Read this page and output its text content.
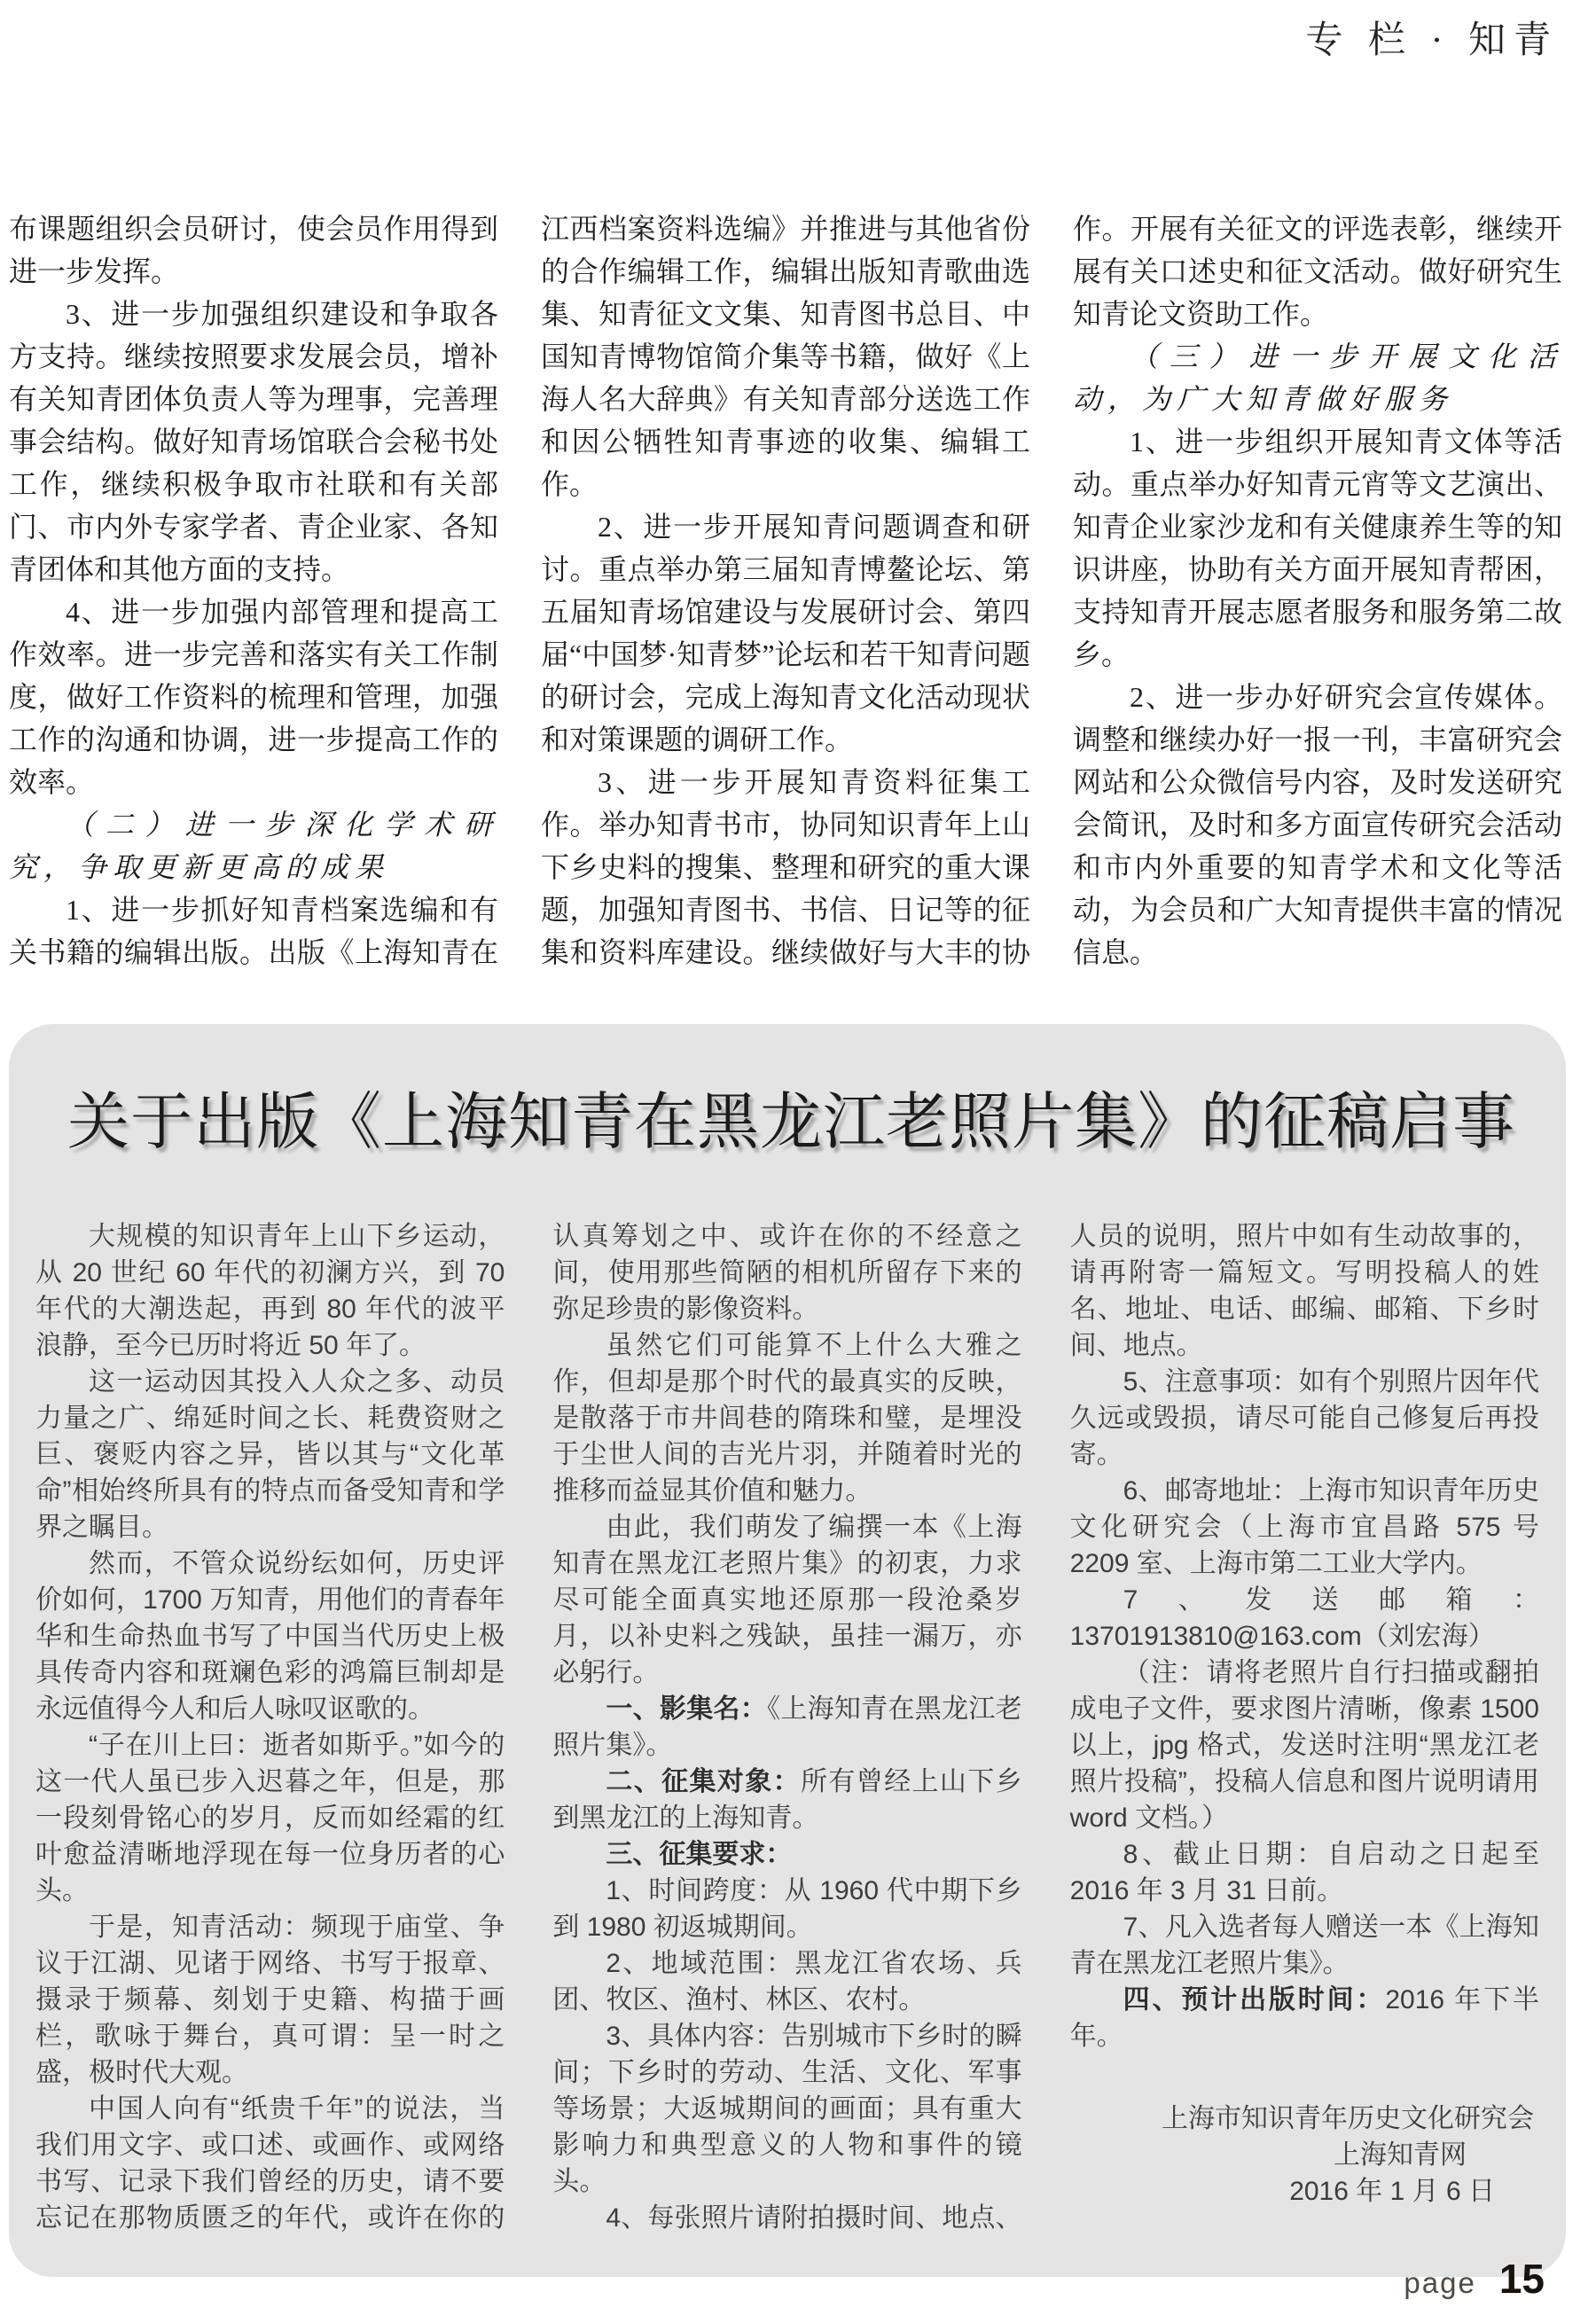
专 栏 · 知青

布课题组织会员研讨，使会员作用得到进一步发挥。

3、进一步加强组织建设和争取各方支持。继续按照要求发展会员，增补有关知青团体负责人等为理事，完善理事会结构。做好知青场馆联合会秘书处工作，继续积极争取市社联和有关部门、市内外专家学者、青企业家、各知青团体和其他方面的支持。

4、进一步加强内部管理和提高工作效率。进一步完善和落实有关工作制度，做好工作资料的梳理和管理，加强工作的沟通和协调，进一步提高工作的效率。

（二）进一步深化学术研究，争取更新更高的成果

1、进一步抓好知青档案选编和有关书籍的编辑出版。出版《上海知青在江西档案资料选编》并推进与其他省份的合作编辑工作，编辑出版知青歌曲选集、知青征文文集、知青图书总目、中国知青博物馆简介集等书籍，做好《上海人名大辞典》有关知青部分送选工作和因公牺牲知青事迹的收集、编辑工作。

2、进一步开展知青问题调查和研讨。重点举办第三届知青博鳌论坛、第五届知青场馆建设与发展研讨会、第四届“中国梦·知青梦”论坛和若干知青问题的研讨会，完成上海知青文化活动现状和对策课题的调研工作。

3、进一步开展知青资料征集工作。举办知青书市，协同知识青年上山下乡史料的搜集、整理和研究的重大课题，加强知青图书、书信、日记等的征集和资料库建设。继续做好与大丰的协作。开展有关征文的评选表彰，继续开展有关口述史和征文活动。做好研究生知青论文资助工作。

（三）进一步开展文化活动，为广大知青做好服务

1、进一步组织开展知青文体等活动。重点举办好知青元宵等文艺演出、知青企业家沙龙和有关健康养生等的知识讲座，协助有关方面开展知青帮困，支持知青开展志愿者服务和服务第二故乡。

2、进一步办好研究会宣传媒体。调整和继续办好一报一刊，丰富研究会网站和公众微信号内容，及时发送研究会简讯，及时和多方面宣传研究会活动和市内外重要的知青学术和文化等活动，为会员和广大知青提供丰富的情况信息。

关于出版《上海知青在黑龙江老照片集》的征稿启事

大规模的知识青年上山下乡运动，从 20 世纪 60 年代的初澜方兴，到 70 年代的大潮迭起，再到 80 年代的波平浪静，至今已历时将近 50 年了。

这一运动因其投入人众之多、动员力量之广、绵延时间之长、耗费资财之巨、褒贬内容之异，皆以其与“文化革命”相始终所具有的特点而备受知青和学界之瞩目。

然而，不管众说纷纭如何，历史评价如何，1700 万知青，用他们的青春年华和生命热血书写了中国当代历史上极具传奇内容和斑斓色彩的鸿篇巨制却是永远值得今人和后人咏叹讴歌的。

“子在川上曰：逝者如斯乎。”如今的这一代人虽已步入迟暮之年，但是，那一段刻骨铭心的岁月，反而如经霜的红叶愈益清晰地浮现在每一位身历者的心头。

于是，知青活动：频现于庙堂、争议于江湖、见诸于网络、书写于报章、摄录于频幕、刻划于史籍、构描于画栏，歌咏于舞台，真可谓：呈一时之盛，极时代大观。

中国人向有“纸贵千年”的说法，当我们用文字、或口述、或画作、或网络书写、记录下我们曾经的历史，请不要忘记在那物质匮乏的年代，或许在你的认真筹划之中、或许在你的不经意之间，使用那些简陋的相机所留存下来的弥足珍贵的影像资料。

虽然它们可能算不上什么大雅之作，但却是那个时代的最真实的反映，是散落于市井闾巷的隋珠和璧，是埋没于尘世人间的吉光片羽，并随着时光的推移而益显其价值和魅力。

由此，我们萌发了编撰一本《上海知青在黑龙江老照片集》的初衷，力求尽可能全面真实地还原那一段沧桑岁月，以补史料之残缺，虽挂一漏万，亦必躬行。

一、影集名：《上海知青在黑龙江老照片集》。

二、征集对象：所有曾经上山下乡到黑龙江的上海知青。

三、征集要求：

1、时间跨度：从 1960 代中期下乡到 1980 初返城期间。

2、地域范围：黑龙江省农场、兵团、牧区、渔村、林区、农村。

3、具体内容：告别城市下乡时的瞬间；下乡时的劳动、生活、文化、军事等场景；大返城期间的画面；具有重大影响力和典型意义的人物和事件的镜头。

4、每张照片请附拍摄时间、地点、人员的说明，照片中如有生动故事的，请再附寄一篇短文。写明投稿人的姓名、地址、电话、邮编、邮箱、下乡时间、地点。

5、注意事项：如有个别照片因年代久远或毁损，请尽可能自己修复后再投寄。

6、邮寄地址：上海市知识青年历史文化研究会（上海市宜昌路 575 号 2209 室、上海市第二工业大学内。

7、发送邮箱：13701913810@163.com（刘宏海）

（注：请将老照片自行扫描或翻拍成电子文件，要求图片清晰，像素 1500 以上，jpg 格式，发送时注明“黑龙江老照片投稿”，投稿人信息和图片说明请用 word 文档。）

8、截止日期：自启动之日起至 2016 年 3 月 31 日前。

7、凡入选者每人赠送一本《上海知青在黑龙江老照片集》。

四、预计出版时间：2016 年下半年。

上海市知识青年历史文化研究会
上海知青网
2016 年 1 月 6 日
page 15
